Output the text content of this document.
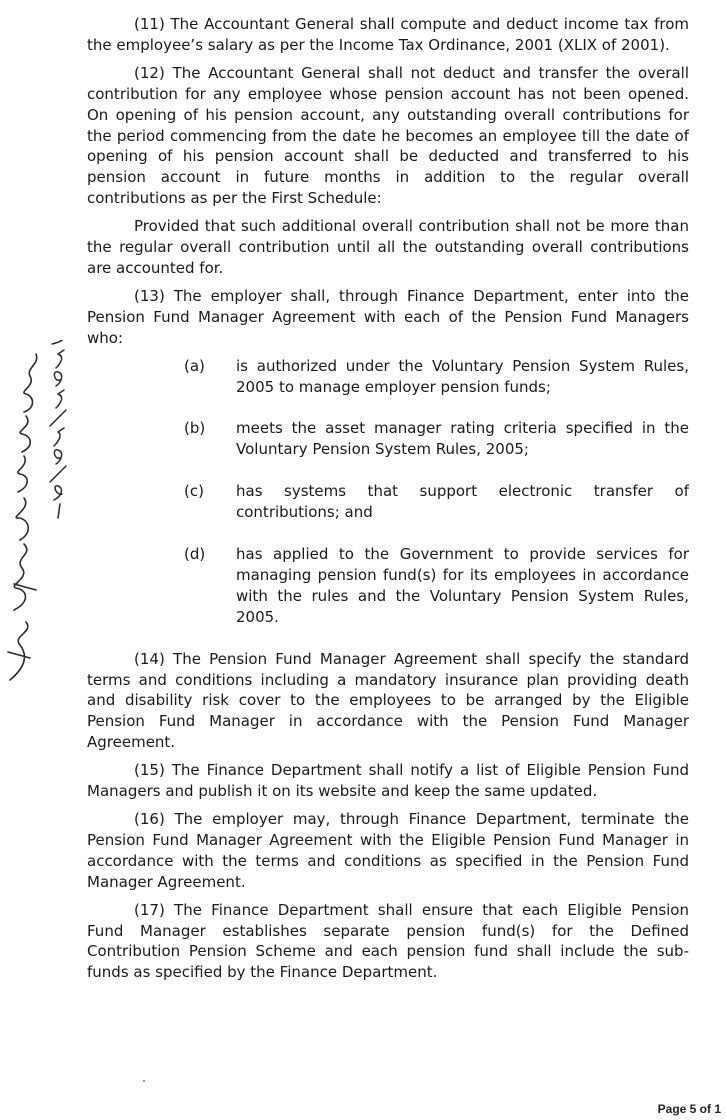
(11) The Accountant General shall compute and deduct income tax from the employee’s salary as per the Income Tax Ordinance, 2001 (XLIX of 2001).

(12) The Accountant General shall not deduct and transfer the overall contribution for any employee whose pension account has not been opened. On opening of his pension account, any outstanding overall contributions for the period commencing from the date he becomes an employee till the date of opening of his pension account shall be deducted and transferred to his pension account in future months in addition to the regular overall contributions as per the First Schedule:

Provided that such additional overall contribution shall not be more than the regular overall contribution until all the outstanding overall contributions are accounted for.

(13) The employer shall, through Finance Department, enter into the Pension Fund Manager Agreement with each of the Pension Fund Managers who:

(a)	is authorized under the Voluntary Pension System Rules, 2005 to manage employer pension funds;
(b)	meets the asset manager rating criteria specified in the Voluntary Pension System Rules, 2005;
(c)	has systems that support electronic transfer of contributions; and
(d)	has applied to the Government to provide services for managing pension fund(s) for its employees in accordance with the rules and the Voluntary Pension System Rules, 2005.

(14) The Pension Fund Manager Agreement shall specify the standard terms and conditions including a mandatory insurance plan providing death and disability risk cover to the employees to be arranged by the Eligible Pension Fund Manager in accordance with the Pension Fund Manager Agreement.

(15) The Finance Department shall notify a list of Eligible Pension Fund Managers and publish it on its website and keep the same updated.

(16) The employer may, through Finance Department, terminate the Pension Fund Manager Agreement with the Eligible Pension Fund Manager in accordance with the terms and conditions as specified in the Pension Fund Manager Agreement.

(17) The Finance Department shall ensure that each Eligible Pension Fund Manager establishes separate pension fund(s) for the Defined Contribution Pension Scheme and each pension fund shall include the sub-funds as specified by the Finance Department.

Page 5 of 1
